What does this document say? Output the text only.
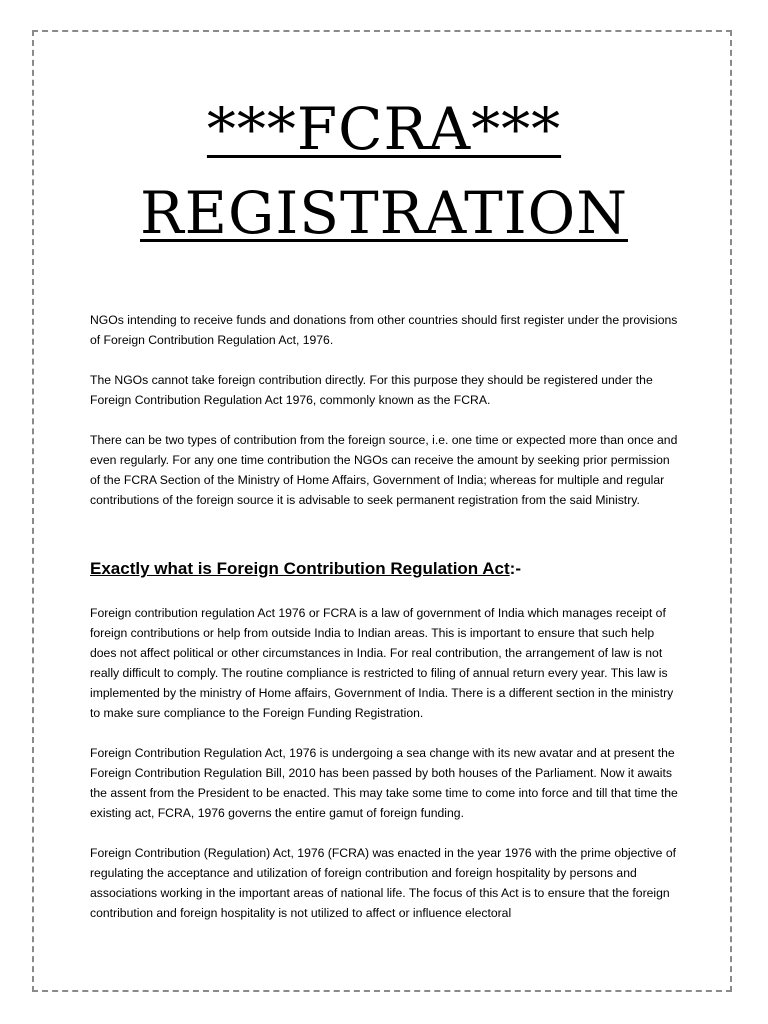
***FCRA***
REGISTRATION

NGOs intending to receive funds and donations from other countries should first register under the provisions of Foreign Contribution Regulation Act, 1976.

The NGOs cannot take foreign contribution directly. For this purpose they should be registered under the Foreign Contribution Regulation Act 1976, commonly known as the FCRA.

There can be two types of contribution from the foreign source, i.e. one time or expected more than once and even regularly. For any one time contribution the NGOs can receive the amount by seeking prior permission of the FCRA Section of the Ministry of Home Affairs, Government of India; whereas for multiple and regular contributions of the foreign source it is advisable to seek permanent registration from the said Ministry.

Exactly what is Foreign Contribution Regulation Act:-

Foreign contribution regulation Act 1976 or FCRA is a law of government of India which manages receipt of foreign contributions or help from outside India to Indian areas. This is important to ensure that such help does not affect political or other circumstances in India. For real contribution, the arrangement of law is not really difficult to comply. The routine compliance is restricted to filing of annual return every year. This law is implemented by the ministry of Home affairs, Government of India. There is a different section in the ministry to make sure compliance to the Foreign Funding Registration.

Foreign Contribution Regulation Act, 1976 is undergoing a sea change with its new avatar and at present the Foreign Contribution Regulation Bill, 2010 has been passed by both houses of the Parliament. Now it awaits the assent from the President to be enacted. This may take some time to come into force and till that time the existing act, FCRA, 1976 governs the entire gamut of foreign funding.

Foreign Contribution (Regulation) Act, 1976 (FCRA) was enacted in the year 1976 with the prime objective of regulating the acceptance and utilization of foreign contribution and foreign hospitality by persons and associations working in the important areas of national life. The focus of this Act is to ensure that the foreign contribution and foreign hospitality is not utilized to affect or influence electoral
